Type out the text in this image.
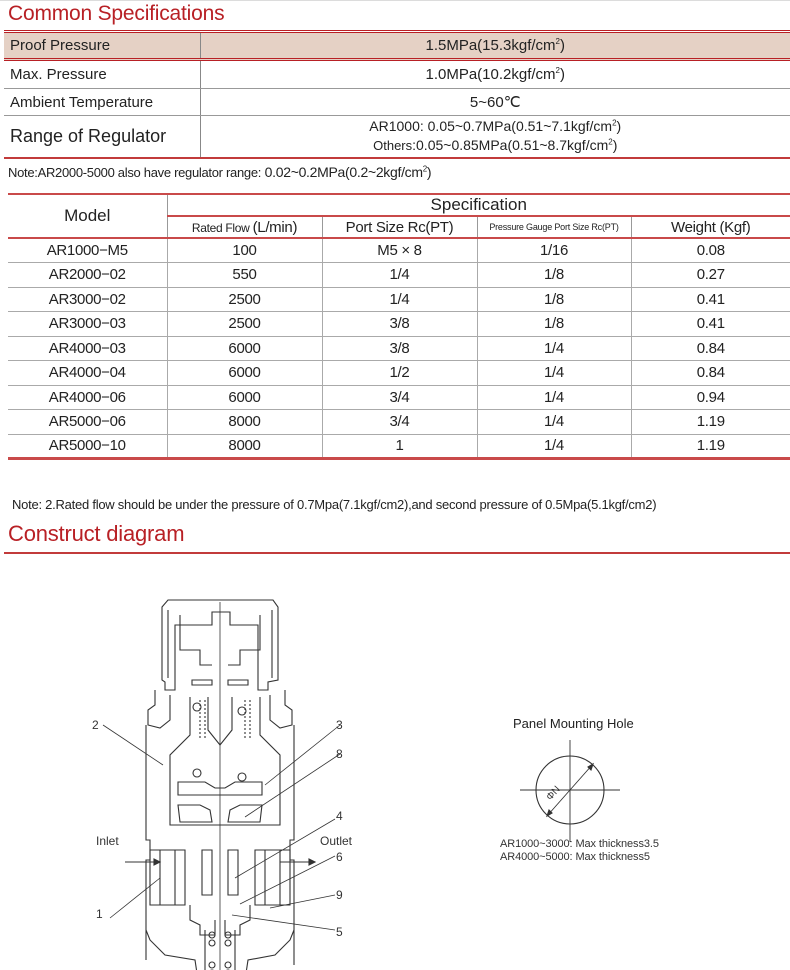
Common Specifications
Proof Pressure	$1.5MPa(15.3kgf/cm^2)$
Max. Pressure	$1.0MPa(10.2kgf/cm^2)$
Ambient Temperature	5~60℃
Range of Regulator	AR1000: $0.05\sim 0.7MPa(0.51\sim 7.1kgf/cm^2)$
$Others:0.05\sim 0.85MPa(0.51\sim 8.7kgf/cm^2)$
Note:AR2000-5000 also have regulator range: $0.02\sim 0.2MPa(0.2\sim 2kgf/cm^2)$
Model	Specification			
	Rated Flow (L/min)	Port Size Rc(PT)	Pressure Gauge Port Size Rc(PT)	Weight (Kgf)
AR1000−M5	100	M5 × 8	1/16	0.08
AR2000−02	550	1/4	1/8	0.27
AR3000−02	2500	1/4	1/8	0.41
AR3000−03	2500	3/8	1/8	0.41
AR4000−03	6000	3/8	1/4	0.84
AR4000−04	6000	1/2	1/4	0.84
AR4000−06	6000	3/4	1/4	0.94
AR5000−06	8000	3/4	1/4	1.19
AR5000−10	8000	1	1/4	1.19
Note: 2.Rated flow should be under the pressure of 0.7Mpa(7.1kgf/cm2),and second pressure of 0.5Mpa(5.1kgf/cm2)
Construct diagram
2	3
8
4
Inlet	Outlet
6
9
1
5
Panel Mounting Hole
ΦN
AR1000~3000: Max thickness3.5
AR4000~5000: Max thickness5
